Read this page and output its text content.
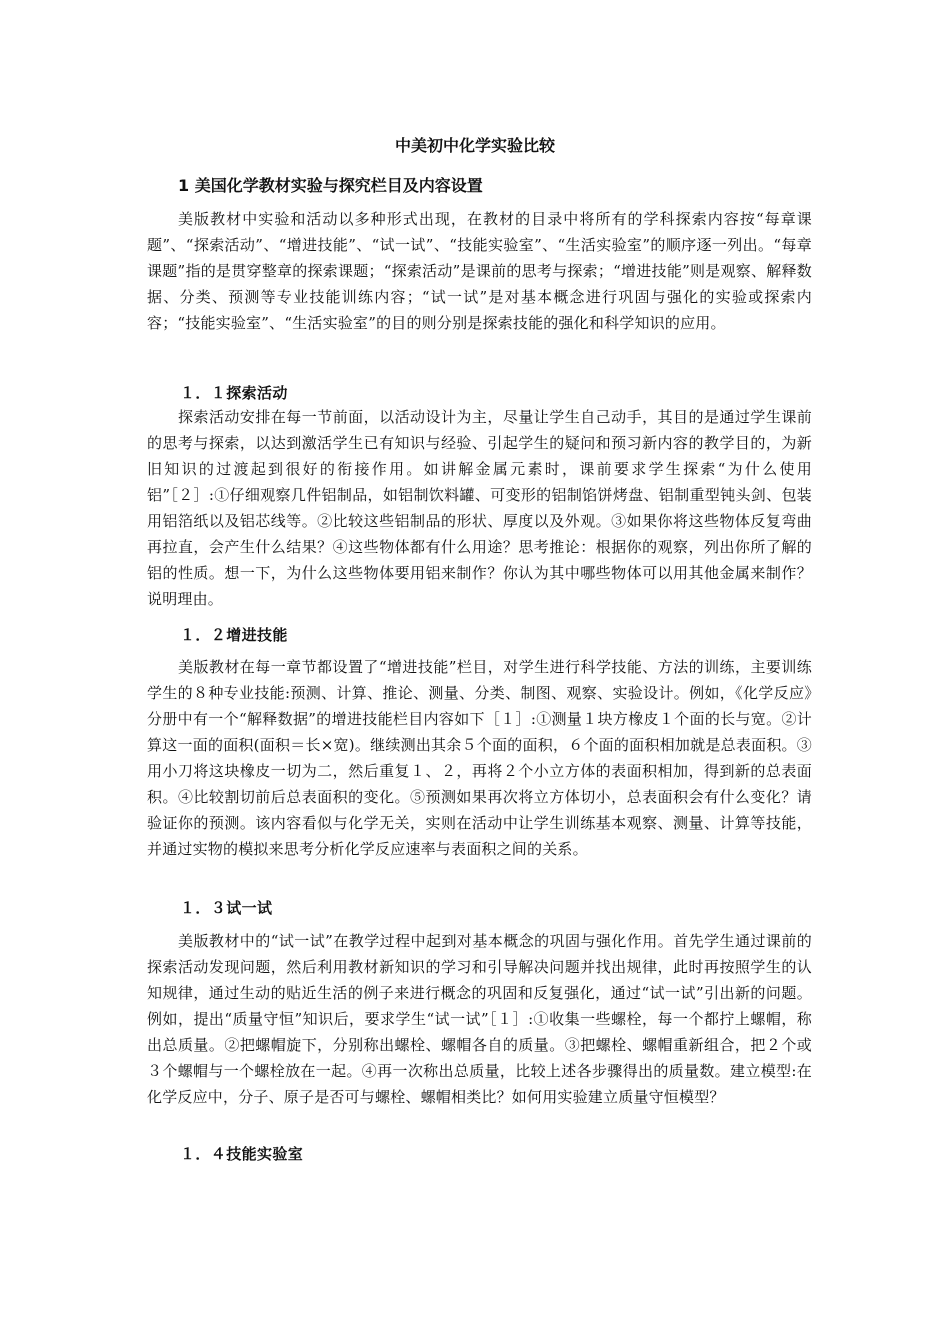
中美初中化学实验比较
1 美国化学教材实验与探究栏目及内容设置

美版教材中实验和活动以多种形式出现，在教材的目录中将所有的学科探索内容按“每章课题”、“探索活动”、“增进技能”、“试一试”、“技能实验室”、“生活实验室”的顺序逐一列出。“每章课题”指的是贯穿整章的探索课题；“探索活动”是课前的思考与探索；“增进技能”则是观察、解释数据、分类、预测等专业技能训练内容；“试一试”是对基本概念进行巩固与强化的实验或探索内容；“技能实验室”、“生活实验室”的目的则分别是探索技能的强化和科学知识的应用。

１．１探索活动

探索活动安排在每一节前面，以活动设计为主，尽量让学生自己动手，其目的是通过学生课前的思考与探索，以达到激活学生已有知识与经验、引起学生的疑问和预习新内容的教学目的，为新旧知识的过渡起到很好的衔接作用。如讲解金属元素时，课前要求学生探索“为什么使用铝”［２］:①仔细观察几件铝制品，如铝制饮料罐、可变形的铝制馅饼烤盘、铝制重型钝头剑、包装用铝箔纸以及铝芯线等。②比较这些铝制品的形状、厚度以及外观。③如果你将这些物体反复弯曲再拉直，会产生什么结果？④这些物体都有什么用途？思考推论：根据你的观察，列出你所了解的铝的性质。想一下，为什么这些物体要用铝来制作？你认为其中哪些物体可以用其他金属来制作？说明理由。

１．２增进技能

美版教材在每一章节都设置了“增进技能”栏目，对学生进行科学技能、方法的训练，主要训练学生的８种专业技能:预测、计算、推论、测量、分类、制图、观察、实验设计。例如，《化学反应》分册中有一个“解释数据”的增进技能栏目内容如下［１］:①测量１块方橡皮１个面的长与宽。②计算这一面的面积(面积＝长×宽)。继续测出其余５个面的面积，６个面的面积相加就是总表面积。③用小刀将这块橡皮一切为二，然后重复１、２，再将２个小立方体的表面积相加，得到新的总表面积。④比较割切前后总表面积的变化。⑤预测如果再次将立方体切小，总表面积会有什么变化？请验证你的预测。该内容看似与化学无关，实则在活动中让学生训练基本观察、测量、计算等技能，并通过实物的模拟来思考分析化学反应速率与表面积之间的关系。

１．３试一试

美版教材中的“试一试”在教学过程中起到对基本概念的巩固与强化作用。首先学生通过课前的探索活动发现问题，然后利用教材新知识的学习和引导解决问题并找出规律，此时再按照学生的认知规律，通过生动的贴近生活的例子来进行概念的巩固和反复强化，通过“试一试”引出新的问题。例如，提出“质量守恒”知识后，要求学生“试一试”［１］:①收集一些螺栓，每一个都拧上螺帽，称出总质量。②把螺帽旋下，分别称出螺栓、螺帽各自的质量。③把螺栓、螺帽重新组合，把２个或３个螺帽与一个螺栓放在一起。④再一次称出总质量，比较上述各步骤得出的质量数。建立模型:在化学反应中，分子、原子是否可与螺栓、螺帽相类比？如何用实验建立质量守恒模型？

１．４技能实验室
